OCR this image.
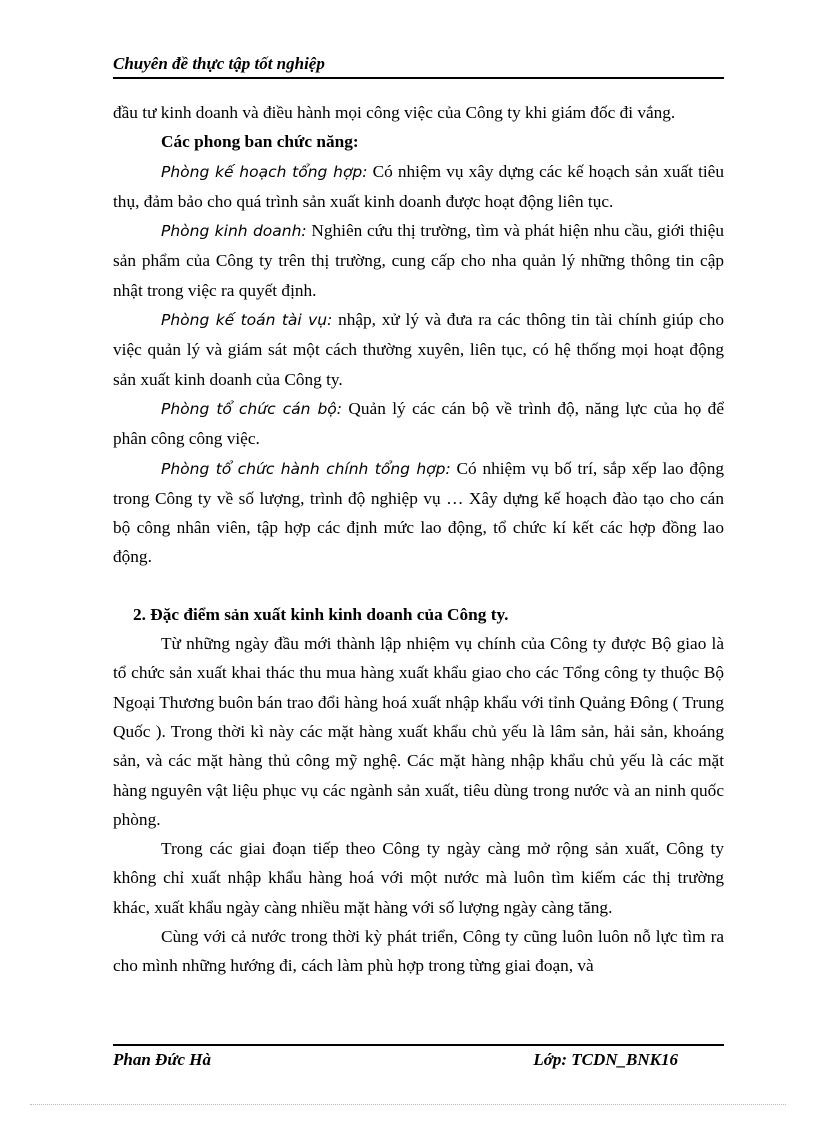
Chuyên đề thực tập tốt nghiệp

đầu tư kinh doanh và điều hành mọi công việc của Công ty khi giám đốc đi vắng.

Các phong ban chức năng:

Phòng kế hoạch tổng hợp: Có nhiệm vụ xây dựng các kế hoạch sản xuất tiêu thụ, đảm bảo cho quá trình sản xuất kinh doanh được hoạt động liên tục.

Phòng kinh doanh: Nghiên cứu thị trường, tìm và phát hiện nhu cầu, giới thiệu sản phẩm của Công ty trên thị trường, cung cấp cho nha quản lý những thông tin cập nhật trong việc ra quyết định.

Phòng kế toán tài vụ: nhập, xử lý và đưa ra các thông tin tài chính giúp cho việc quản lý và giám sát một cách thường xuyên, liên tục, có hệ thống mọi hoạt động sản xuất kinh doanh của Công ty.

Phòng tổ chức cán bộ: Quản lý các cán bộ về trình độ, năng lực của họ để phân công công việc.

Phòng tổ chức hành chính tổng hợp: Có nhiệm vụ bố trí, sắp xếp lao động trong Công ty về số lượng, trình độ nghiệp vụ … Xây dựng kế hoạch đào tạo cho cán bộ công nhân viên, tập hợp các định mức lao động, tổ chức kí kết các hợp đồng lao động.

2. Đặc điểm sản xuất kinh kinh doanh của Công ty.

Từ những ngày đầu mới thành lập nhiệm vụ chính của Công ty được Bộ giao là tổ chức sản xuất khai thác thu mua hàng xuất khẩu giao cho các Tổng công ty thuộc Bộ Ngoại Thương buôn bán trao đổi hàng hoá xuất nhập khẩu với tỉnh Quảng Đông ( Trung Quốc ). Trong thời kì này các mặt hàng xuất khẩu chủ yếu là lâm sản, hải sản, khoáng sản, và các mặt hàng thủ công mỹ nghệ. Các mặt hàng nhập khẩu chủ yếu là các mặt hàng nguyên vật liệu phục vụ các ngành sản xuất, tiêu dùng trong nước và an ninh quốc phòng.

Trong các giai đoạn tiếp theo Công ty ngày càng mở rộng sản xuất, Công ty không chỉ xuất nhập khẩu hàng hoá với một nước mà luôn tìm kiếm các thị trường khác, xuất khẩu ngày càng nhiều mặt hàng với số lượng ngày càng tăng.

Cùng với cả nước trong thời kỳ phát triển, Công ty cũng luôn luôn nỗ lực tìm ra cho mình những hướng đi, cách làm phù hợp trong từng giai đoạn, và

Phan Đức Hà	Lớp: TCDN_BNK16
